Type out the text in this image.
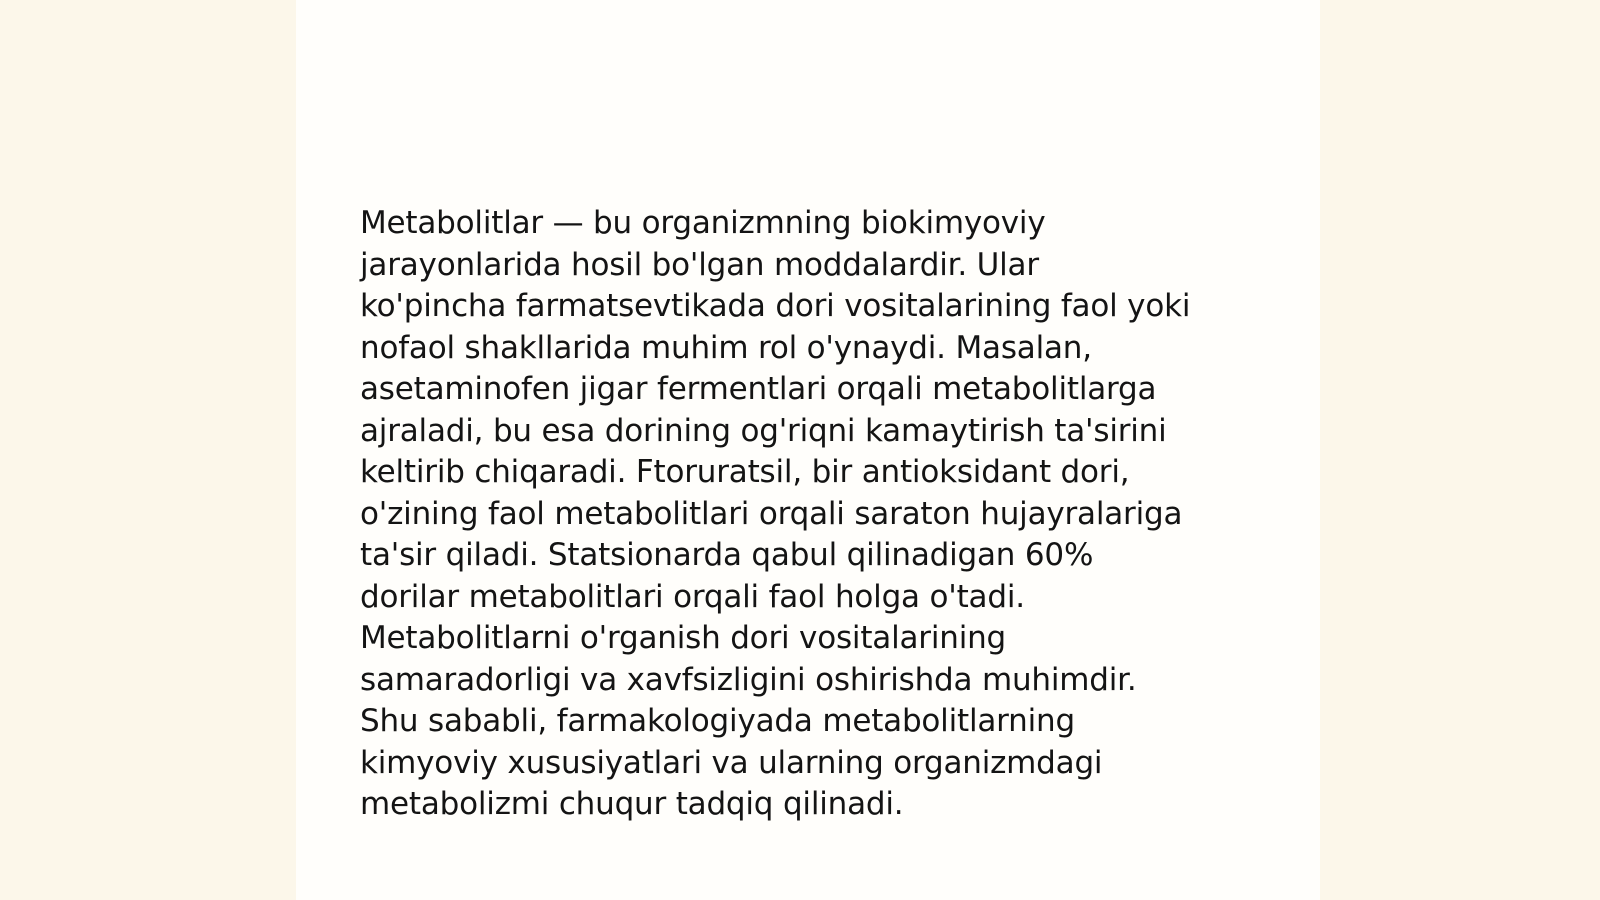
Metabolitlar — bu organizmning biokimyoviy
jarayonlarida hosil bo'lgan moddalardir. Ular
ko'pincha farmatsevtikada dori vositalarining faol yoki
nofaol shakllarida muhim rol o'ynaydi. Masalan,
asetaminofen jigar fermentlari orqali metabolitlarga
ajraladi, bu esa dorining og'riqni kamaytirish ta'sirini
keltirib chiqaradi. Ftoruratsil, bir antioksidant dori,
o'zining faol metabolitlari orqali saraton hujayralariga
ta'sir qiladi. Statsionarda qabul qilinadigan 60%
dorilar metabolitlari orqali faol holga o'tadi.
Metabolitlarni o'rganish dori vositalarining
samaradorligi va xavfsizligini oshirishda muhimdir.
Shu sababli, farmakologiyada metabolitlarning
kimyoviy xususiyatlari va ularning organizmdagi
metabolizmi chuqur tadqiq qilinadi.
